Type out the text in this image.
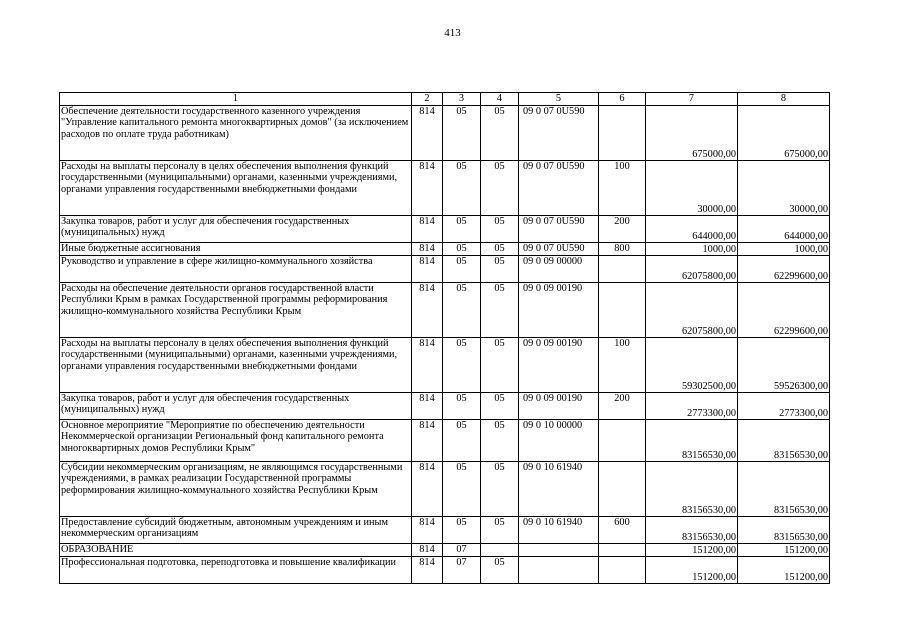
413
1	2	3	4	5	6	7	8
Обеспечение деятельности государственного казенного учреждения "Управление капитального ремонта многоквартирных домов" (за исключением расходов по оплате труда работникам)	814	05	05	09 0 07 0U590		675000,00	675000,00
Расходы на выплаты персоналу в целях обеспечения выполнения функций государственными (муниципальными) органами, казенными учреждениями, органами управления государственными внебюджетными фондами	814	05	05	09 0 07 0U590	100	30000,00	30000,00
Закупка товаров, работ и услуг для обеспечения государственных (муниципальных) нужд	814	05	05	09 0 07 0U590	200	644000,00	644000,00
Иные бюджетные ассигнования	814	05	05	09 0 07 0U590	800	1000,00	1000,00
Руководство и управление в сфере жилищно-коммунального хозяйства	814	05	05	09 0 09 00000		62075800,00	62299600,00
Расходы на обеспечение деятельности органов государственной власти Республики Крым в рамках Государственной программы реформирования жилищно-коммунального хозяйства Республики Крым	814	05	05	09 0 09 00190		62075800,00	62299600,00
Расходы на выплаты персоналу в целях обеспечения выполнения функций государственными (муниципальными) органами, казенными учреждениями, органами управления государственными внебюджетными фондами	814	05	05	09 0 09 00190	100	59302500,00	59526300,00
Закупка товаров, работ и услуг для обеспечения государственных (муниципальных) нужд	814	05	05	09 0 09 00190	200	2773300,00	2773300,00
Основное мероприятие "Мероприятие по обеспечению деятельности Некоммерческой организации Региональный фонд капитального ремонта многоквартирных домов Республики Крым"	814	05	05	09 0 10 00000		83156530,00	83156530,00
Субсидии некоммерческим организациям, не являющимся государственными учреждениями, в рамках реализации Государственной программы реформирования жилищно-коммунального хозяйства Республики Крым	814	05	05	09 0 10 61940		83156530,00	83156530,00
Предоставление субсидий бюджетным, автономным учреждениям и иным некоммерческим организациям	814	05	05	09 0 10 61940	600	83156530,00	83156530,00
ОБРАЗОВАНИЕ	814	07				151200,00	151200,00
Профессиональная подготовка, переподготовка и повышение квалификации	814	07	05			151200,00	151200,00
